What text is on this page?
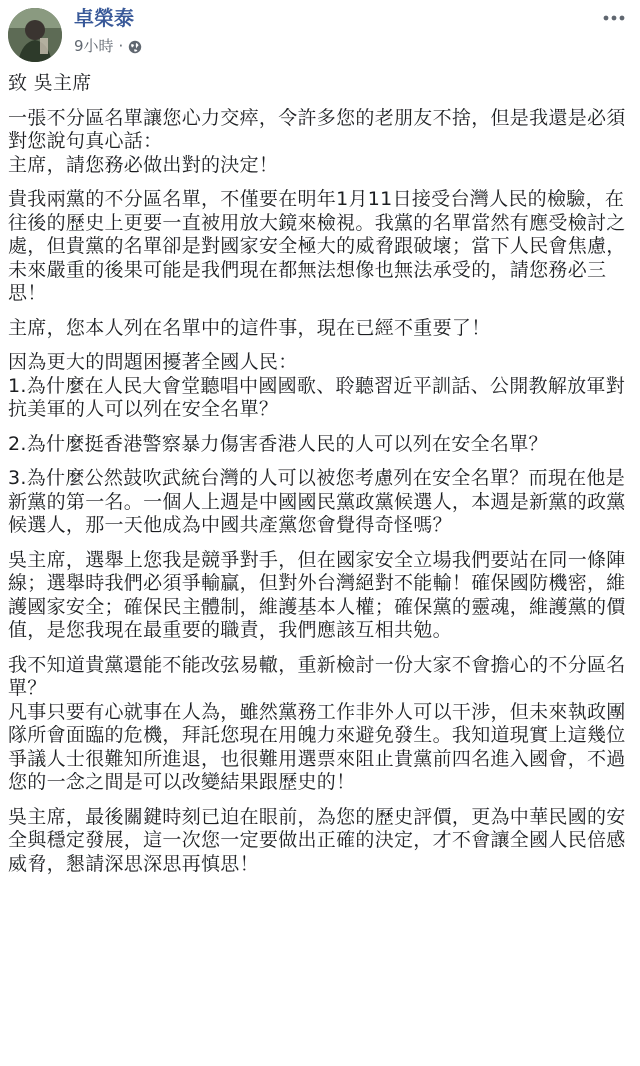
卓榮泰
9小時 ·

致 吳主席

一張不分區名單讓您心力交瘁，令許多您的老朋友不捨，但是我還是必須對您說句真心話：
主席，請您務必做出對的決定！

貴我兩黨的不分區名單，不僅要在明年1月11日接受台灣人民的檢驗，在往後的歷史上更要一直被用放大鏡來檢視。我黨的名單當然有應受檢討之處，但貴黨的名單卻是對國家安全極大的威脅跟破壞；當下人民會焦慮，未來嚴重的後果可能是我們現在都無法想像也無法承受的，請您務必三思！

主席，您本人列在名單中的這件事，現在已經不重要了！

因為更大的問題困擾著全國人民：
1.為什麼在人民大會堂聽唱中國國歌、聆聽習近平訓話、公開教解放軍對抗美軍的人可以列在安全名單？

2.為什麼挺香港警察暴力傷害香港人民的人可以列在安全名單？

3.為什麼公然鼓吹武統台灣的人可以被您考慮列在安全名單？而現在他是新黨的第一名。一個人上週是中國國民黨政黨候選人，本週是新黨的政黨候選人，那一天他成為中國共產黨您會覺得奇怪嗎？

吳主席，選舉上您我是競爭對手，但在國家安全立場我們要站在同一條陣線；選舉時我們必須爭輸贏，但對外台灣絕對不能輸！確保國防機密，維護國家安全；確保民主體制，維護基本人權；確保黨的靈魂，維護黨的價值，是您我現在最重要的職責，我們應該互相共勉。

我不知道貴黨還能不能改弦易轍，重新檢討一份大家不會擔心的不分區名單？
凡事只要有心就事在人為，雖然黨務工作非外人可以干涉，但未來執政團隊所會面臨的危機，拜託您現在用魄力來避免發生。我知道現實上這幾位爭議人士很難知所進退，也很難用選票來阻止貴黨前四名進入國會，不過您的一念之間是可以改變結果跟歷史的！

吳主席，最後關鍵時刻已迫在眼前，為您的歷史評價，更為中華民國的安全與穩定發展，這一次您一定要做出正確的決定，才不會讓全國人民倍感威脅，懇請深思深思再慎思！
